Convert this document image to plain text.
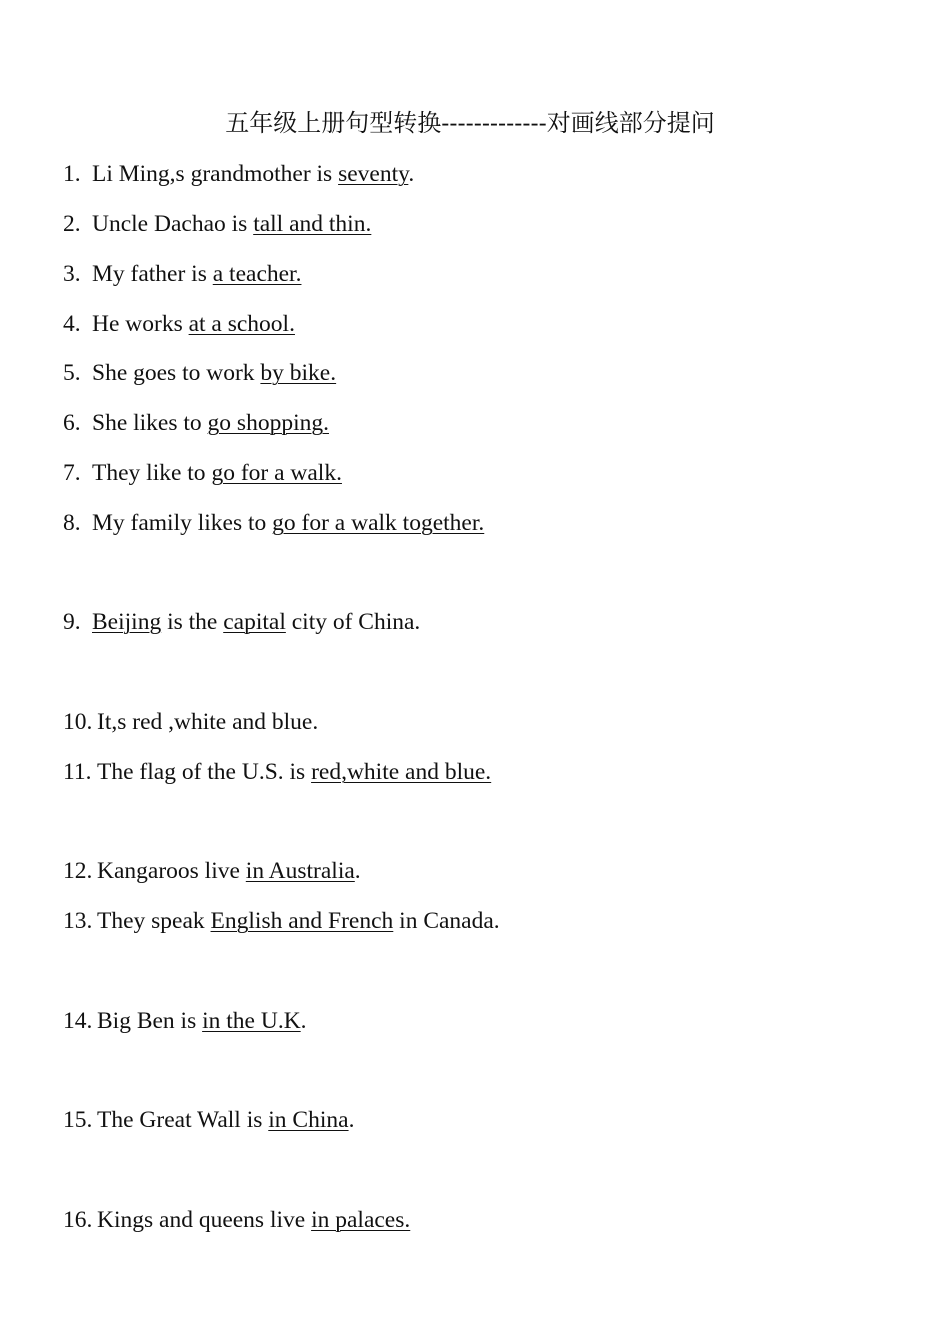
五年级上册句型转换-------------对画线部分提问
1. Li Ming,s grandmother is seventy.
2. Uncle Dachao is tall and thin.
3. My father is a teacher.
4. He works at a school.
5. She goes to work by bike.
6. She likes to go shopping.
7. They like to go for a walk.
8. My family likes to go for a walk together.
9. Beijing is the capital city of China.
10. It,s red ,white and blue.
11. The flag of the U.S. is red,white and blue.
12. Kangaroos live in Australia.
13. They speak English and French in Canada.
14. Big Ben is in the U.K.
15. The Great Wall is in China.
16. Kings and queens live in palaces.
